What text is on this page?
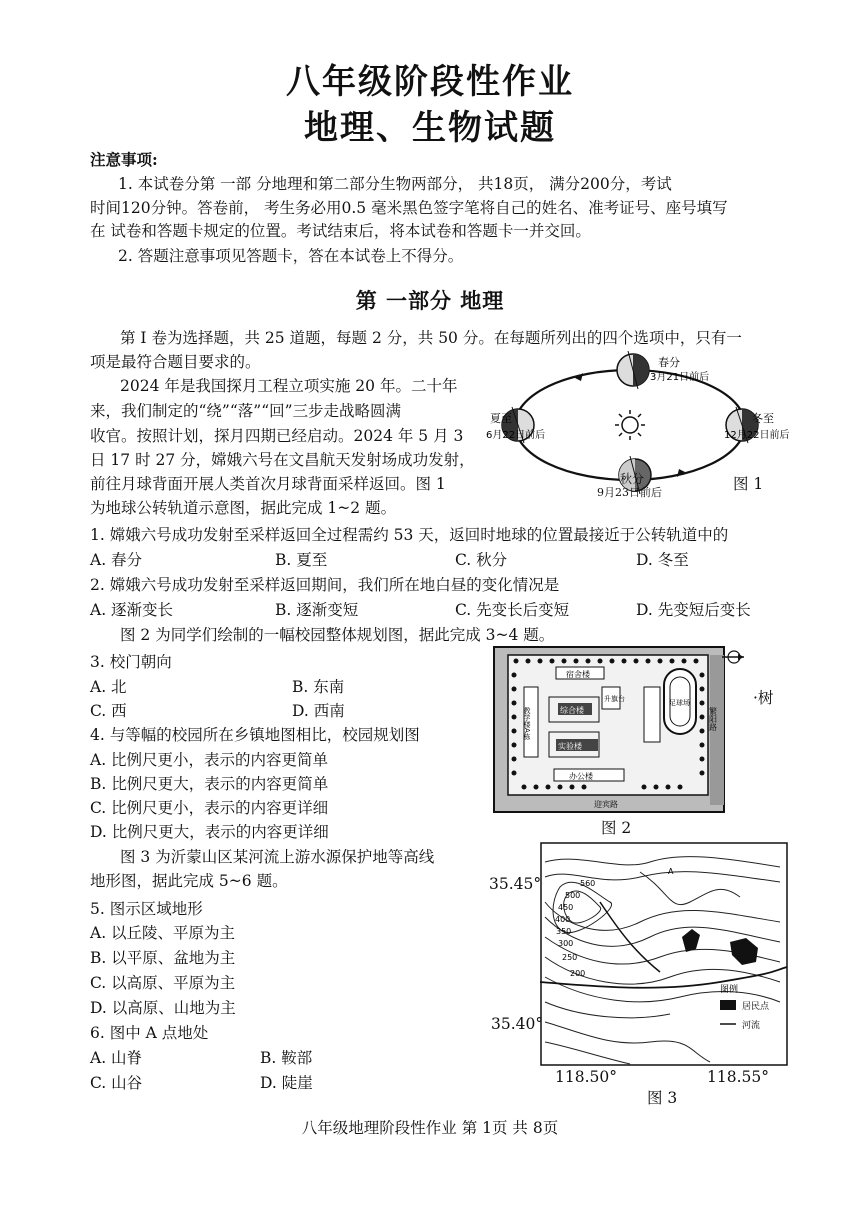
八年级阶段性作业
地理、生物试题
注意事项:
1. 本试卷分第 一部 分地理和第二部分生物两部分， 共18页， 满分200分，考试
时间120分钟。答卷前， 考生务必用0.5 毫米黑色签字笔将自己的姓名、准考证号、座号填写
在 试卷和答题卡规定的位置。考试结束后，将本试卷和答题卡一并交回。
2. 答题注意事项见答题卡，答在本试卷上不得分。
第 一部分 地理
第 I 卷为选择题，共 25 道题，每题 2 分，共 50 分。在每题所列出的四个选项中，只有一
项是最符合题目要求的。
2024 年是我国探月工程立项实施 20 年。二十年
来，我们制定的“绕”“落”“回”三步走战略圆满
收官。按照计划，探月四期已经启动。2024 年 5 月 3
日 17 时 27 分，嫦娥六号在文昌航天发射场成功发射，
前往月球背面开展人类首次月球背面采样返回。图 1
为地球公转轨道示意图，据此完成 1~2 题。
春分
3月21日前后
夏至
6月22日前后
冬至
12月22日前后
秋分
9月23日前后	图 1
1. 嫦娥六号成功发射至采样返回全过程需约 53 天，返回时地球的位置最接近于公转轨道中的
A. 春分	B. 夏至	C. 秋分	D. 冬至
2. 嫦娥六号成功发射至采样返回期间，我们所在地白昼的变化情况是
A. 逐渐变长	B. 逐渐变短	C. 先变长后变短	D. 先变短后变长
图 2 为同学们绘制的一幅校园整体规划图，据此完成 3~4 题。
3. 校门朝向
A. 北	B. 东南
C. 西	D. 西南
4. 与等幅的校园所在乡镇地图相比，校园规划图
A. 比例尺更小，表示的内容更简单
B. 比例尺更大，表示的内容更简单
C. 比例尺更小，表示的内容更详细
D. 比例尺更大，表示的内容更详细
宿舍楼
教学楼A栋	综合楼
实验楼
升旗台	足球场
办公楼
迎宾路
繁阳路
·树
图 2
图 3 为沂蒙山区某河流上游水源保护地等高线
地形图，据此完成 5~6 题。
5. 图示区域地形
A. 以丘陵、平原为主
B. 以平原、盆地为主
C. 以高原、平原为主
D. 以高原、山地为主
6. 图中 A 点地处
A. 山脊	B. 鞍部
C. 山谷	D. 陡崖
560
500
450
400
350
300
250
200
A
图例
居民点
河流
35.45°
35.40°
118.50°	118.55°
图 3
八年级地理阶段性作业 第 1页 共 8页
